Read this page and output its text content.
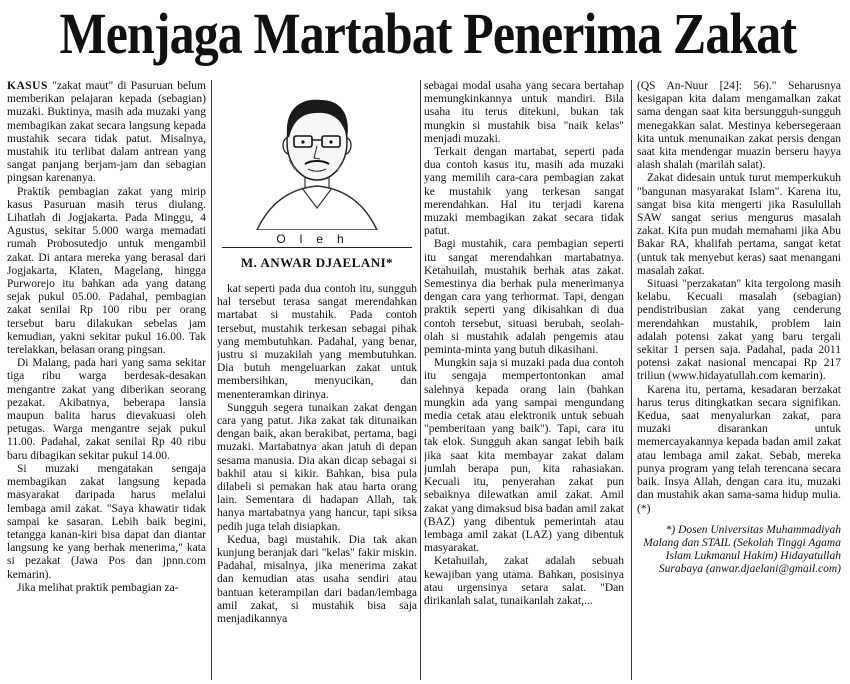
Menjaga Martabat Penerima Zakat

KASUS "zakat maut" di Pasuruan belum memberikan pelajaran kepada (sebagian) muzaki. Buktinya, masih ada muzaki yang membagikan zakat secara langsung kepada mustahik secara tidak patut. Misalnya, mustahik itu terlibat dalam antrean yang sangat panjang berjam-jam dan sebagian pingsan karenanya.

Praktik pembagian zakat yang mirip kasus Pasuruan masih terus diulang. Lihatlah di Jogjakarta. Pada Minggu, 4 Agustus, sekitar 5.000 warga memadati rumah Probosutedjo untuk mengambil zakat. Di antara mereka yang berasal dari Jogjakarta, Klaten, Magelang, hingga Purworejo itu bahkan ada yang datang sejak pukul 05.00. Padahal, pembagian zakat senilai Rp 100 ribu per orang tersebut baru dilakukan sebelas jam kemudian, yakni sekitar pukul 16.00. Tak terelakkan, belasan orang pingsan.

Di Malang, pada hari yang sama sekitar tiga ribu warga berdesak-desakan mengantre zakat yang diberikan seorang pezakat. Akibatnya, beberapa lansia maupun balita harus dievakuasi oleh petugas. Warga mengantre sejak pukul 11.00. Padahal, zakat senilai Rp 40 ribu baru dibagikan sekitar pukul 14.00.

Si muzaki mengatakan sengaja membagikan zakat langsung kepada masyarakat daripada harus melalui lembaga amil zakat. "Saya khawatir tidak sampai ke sasaran. Lebih baik begini, tetangga kanan-kiri bisa dapat dan diantar langsung ke yang berhak menerima," kata si pezakat (Jawa Pos dan jpnn.com kemarin).

Jika melihat praktik pembagian za-

Oleh
M. ANWAR DJAELANI*

kat seperti pada dua contoh itu, sungguh hal tersebut terasa sangat merendahkan martabat si mustahik. Pada contoh tersebut, mustahik terkesan sebagai pihak yang membutuhkan. Padahal, yang benar, justru si muzakilah yang membutuhkan. Dia butuh mengeluarkan zakat untuk membersihkan, menyucikan, dan menenteramkan dirinya.

Sungguh segera tunaikan zakat dengan cara yang patut. Jika zakat tak ditunaikan dengan baik, akan berakibat, pertama, bagi muzaki. Martabatnya akan jatuh di depan sesama manusia. Dia akan dicap sebagai si bakhil atau si kikir. Bahkan, bisa pula dilabeli si pemakan hak atau harta orang lain. Sementara di hadapan Allah, tak hanya martabatnya yang hancur, tapi siksa pedih juga telah disiapkan.

Kedua, bagi mustahik. Dia tak akan kunjung beranjak dari "kelas" fakir miskin. Padahal, misalnya, jika menerima zakat dan kemudian atas usaha sendiri atau bantuan keterampilan dari badan/lembaga amil zakat, si mustahik bisa saja menjadikannya

sebagai modal usaha yang secara bertahap memungkinkannya untuk mandiri. Bila usaha itu terus ditekuni, bukan tak mungkin si mustahik bisa "naik kelas" menjadi muzaki.

Terkait dengan martabat, seperti pada dua contoh kasus itu, masih ada muzaki yang memilih cara-cara pembagian zakat ke mustahik yang terkesan sangat merendahkan. Hal itu terjadi karena muzaki membagikan zakat secara tidak patut.

Bagi mustahik, cara pembagian seperti itu sangat merendahkan martabatnya. Ketahuilah, mustahik berhak atas zakat. Semestinya dia berhak pula menerimanya dengan cara yang terhormat. Tapi, dengan praktik seperti yang dikisahkan di dua contoh tersebut, situasi berubah, seolah-olah si mustahik adalah pengemis atau peminta-minta yang butuh dikasihani.

Mungkin saja si muzaki pada dua contoh itu sengaja mempertontonkan amal salehnya kepada orang lain (bahkan mungkin ada yang sampai mengundang media cetak atau elektronik untuk sebuah "pemberitaan yang baik"). Tapi, cara itu tak elok. Sungguh akan sangat lebih baik jika saat kita membayar zakat dalam jumlah berapa pun, kita rahasiakan. Kecuali itu, penyerahan zakat pun sebaiknya dilewatkan amil zakat. Amil zakat yang dimaksud bisa badan amil zakat (BAZ) yang dibentuk pemerintah atau lembaga amil zakat (LAZ) yang dibentuk masyarakat.

Ketahuilah, zakat adalah sebuah kewajiban yang utama. Bahkan, posisinya atau urgensinya setara salat. "Dan dirikanlah salat, tunaikanlah zakat,...

(QS An-Nuur [24]: 56)." Seharusnya kesigapan kita dalam mengamalkan zakat sama dengan saat kita bersungguh-sungguh menegakkan salat. Mestinya kebersegeraan kita untuk menunaikan zakat persis dengan saat kita mendengar muazin berseru hayya alash shalah (marilah salat).

Zakat didesain untuk turut memperkukuh "bangunan masyarakat Islam". Karena itu, sangat bisa kita mengerti jika Rasulullah SAW sangat serius mengurus masalah zakat. Kita pun mudah memahami jika Abu Bakar RA, khalifah pertama, sangat ketat (untuk tak menyebut keras) saat menangani masalah zakat.

Situasi "perzakatan" kita tergolong masih kelabu. Kecuali masalah (sebagian) pendistribusian zakat yang cenderung merendahkan mustahik, problem lain adalah potensi zakat yang baru tergali sekitar 1 persen saja. Padahal, pada 2011 potensi zakat nasional mencapai Rp 217 triliun (www.hidayatullah.com kemarin).

Karena itu, pertama, kesadaran berzakat harus terus ditingkatkan secara signifikan. Kedua, saat menyalurkan zakat, para muzaki disarankan untuk memercayakannya kepada badan amil zakat atau lembaga amil zakat. Sebab, mereka punya program yang telah terencana secara baik. Insya Allah, dengan cara itu, muzaki dan mustahik akan sama-sama hidup mulia. (*)

*) Dosen Universitas Muhammadiyah Malang dan STAIL (Sekolah Tinggi Agama Islam Lukmanul Hakim) Hidayatullah Surabaya (anwar.djaelani@gmail.com)
